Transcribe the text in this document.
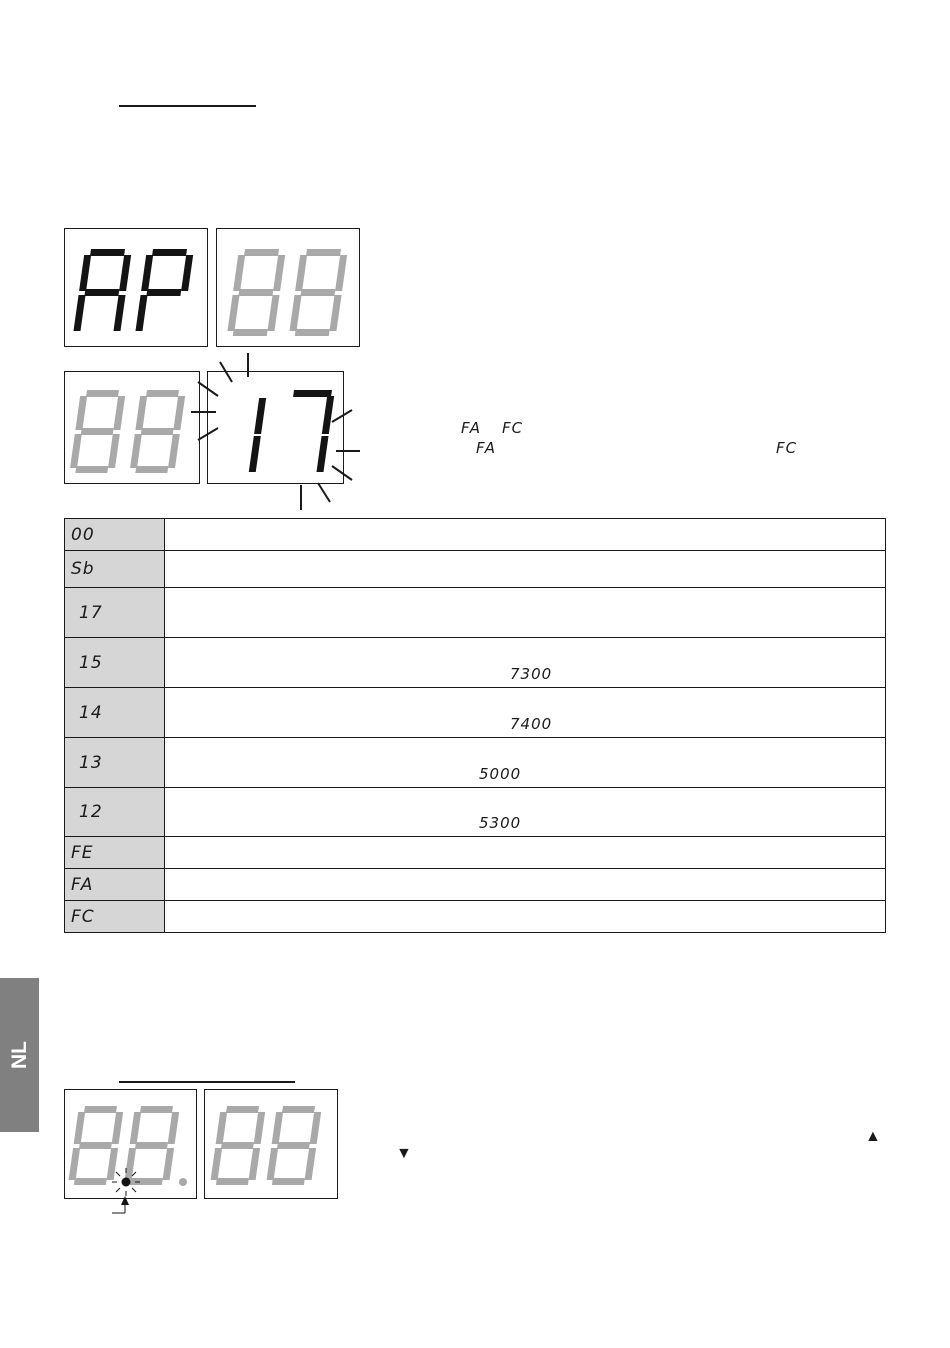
FA FC
FA	FC
00	
Sb	
17	
15	7300

14	7400

13	5000

12	5300

FE	
FA	
FC	
NL
▲
▼
